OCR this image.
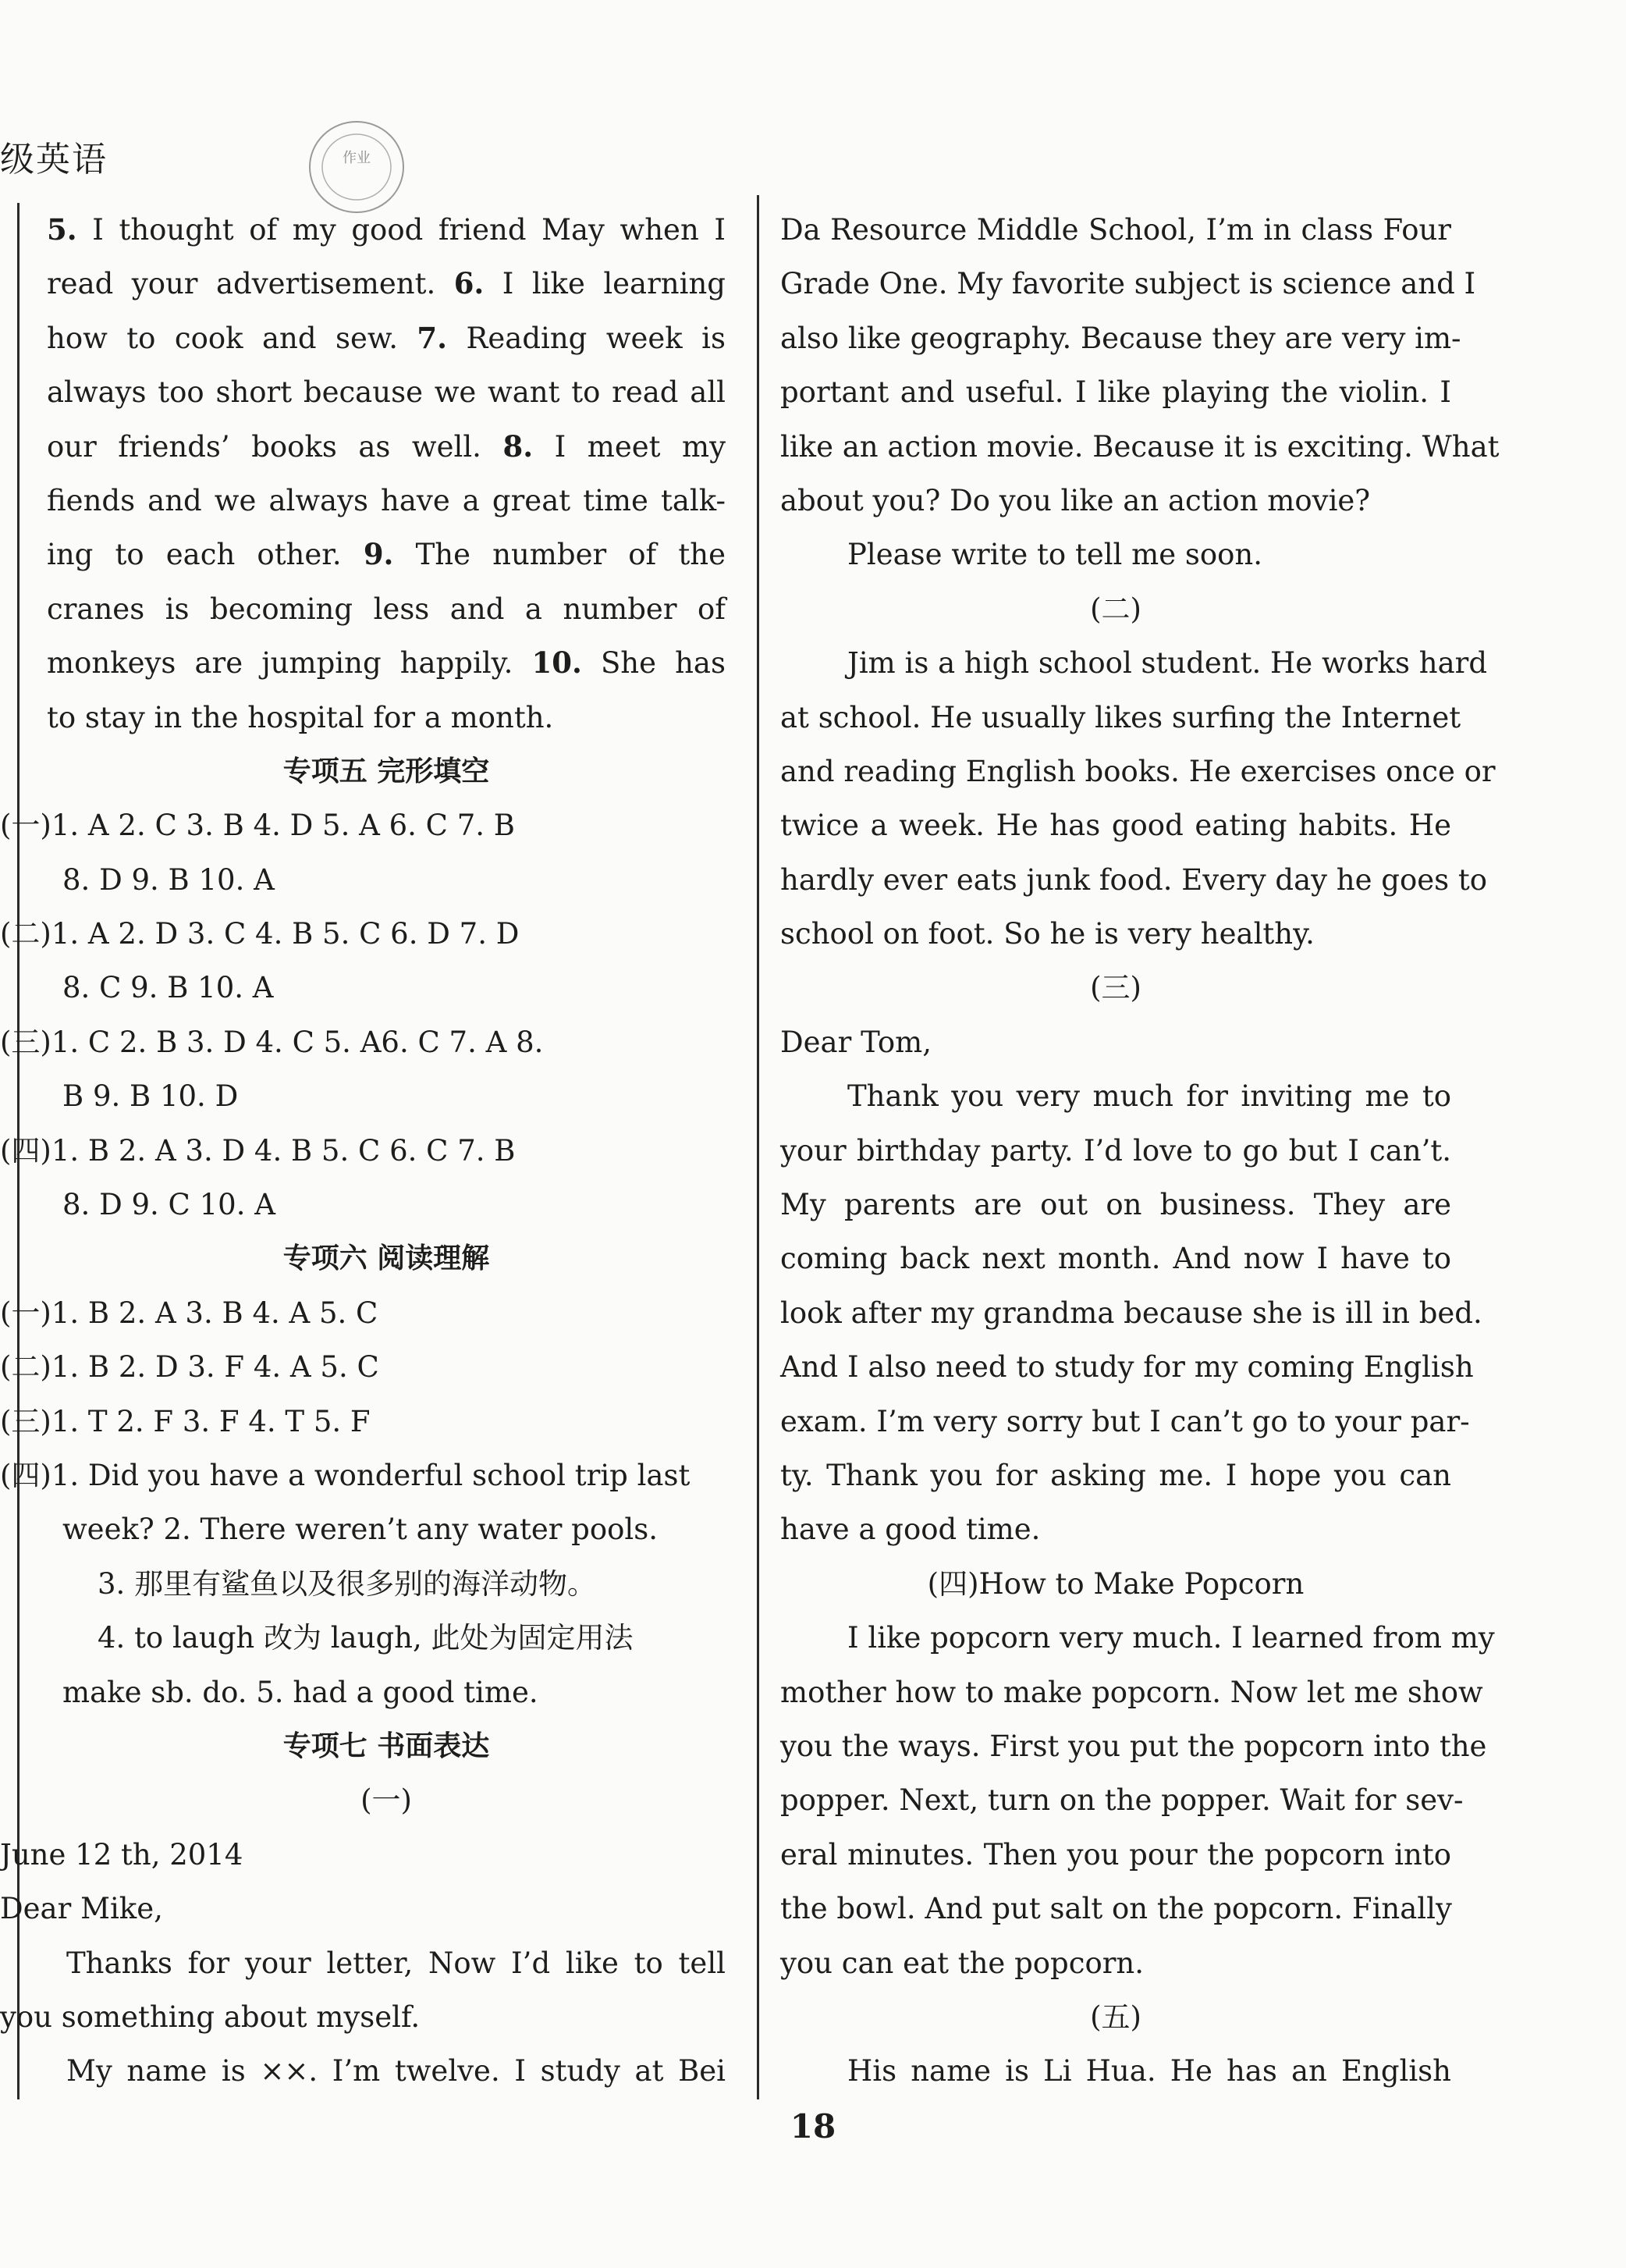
级英语	作业
5. I thought of my good friend May when I
read your advertisement. 6. I like learning
how to cook and sew. 7. Reading week is
always too short because we want to read all
our friends’ books as well. 8. I meet my
fiends and we always have a great time talk-
ing to each other. 9. The number of the
cranes is becoming less and a number of
monkeys are jumping happily. 10. She has
to stay in the hospital for a month.
专项五 完形填空
(一)1. A 2. C 3. B 4. D 5. A 6. C 7. B
8. D 9. B 10. A
(二)1. A 2. D 3. C 4. B 5. C 6. D 7. D
8. C 9. B 10. A
(三)1. C 2. B 3. D 4. C 5. A6. C 7. A 8.
B 9. B 10. D
(四)1. B 2. A 3. D 4. B 5. C 6. C 7. B
8. D 9. C 10. A
专项六 阅读理解
(一)1. B 2. A 3. B 4. A 5. C
(二)1. B 2. D 3. F 4. A 5. C
(三)1. T 2. F 3. F 4. T 5. F
(四)1. Did you have a wonderful school trip last
week? 2. There weren’t any water pools.
3. 那里有鲨鱼以及很多别的海洋动物。
4. to laugh 改为 laugh, 此处为固定用法
make sb. do. 5. had a good time.
专项七 书面表达
(一)
June 12 th, 2014
Dear Mike,
Thanks for your letter, Now I’d like to tell
you something about myself.
My name is ××. I’m twelve. I study at Bei
Da Resource Middle School, I’m in class Four
Grade One. My favorite subject is science and I
also like geography. Because they are very im-
portant and useful. I like playing the violin. I
like an action movie. Because it is exciting. What
about you? Do you like an action movie?
Please write to tell me soon.
(二)
Jim is a high school student. He works hard
at school. He usually likes surfing the Internet
and reading English books. He exercises once or
twice a week. He has good eating habits. He
hardly ever eats junk food. Every day he goes to
school on foot. So he is very healthy.
(三)
Dear Tom,
Thank you very much for inviting me to
your birthday party. I’d love to go but I can’t.
My parents are out on business. They are
coming back next month. And now I have to
look after my grandma because she is ill in bed.
And I also need to study for my coming English
exam. I’m very sorry but I can’t go to your par-
ty. Thank you for asking me. I hope you can
have a good time.
(四)How to Make Popcorn
I like popcorn very much. I learned from my
mother how to make popcorn. Now let me show
you the ways. First you put the popcorn into the
popper. Next, turn on the popper. Wait for sev-
eral minutes. Then you pour the popcorn into
the bowl. And put salt on the popcorn. Finally
you can eat the popcorn.
(五)
His name is Li Hua. He has an English
18
